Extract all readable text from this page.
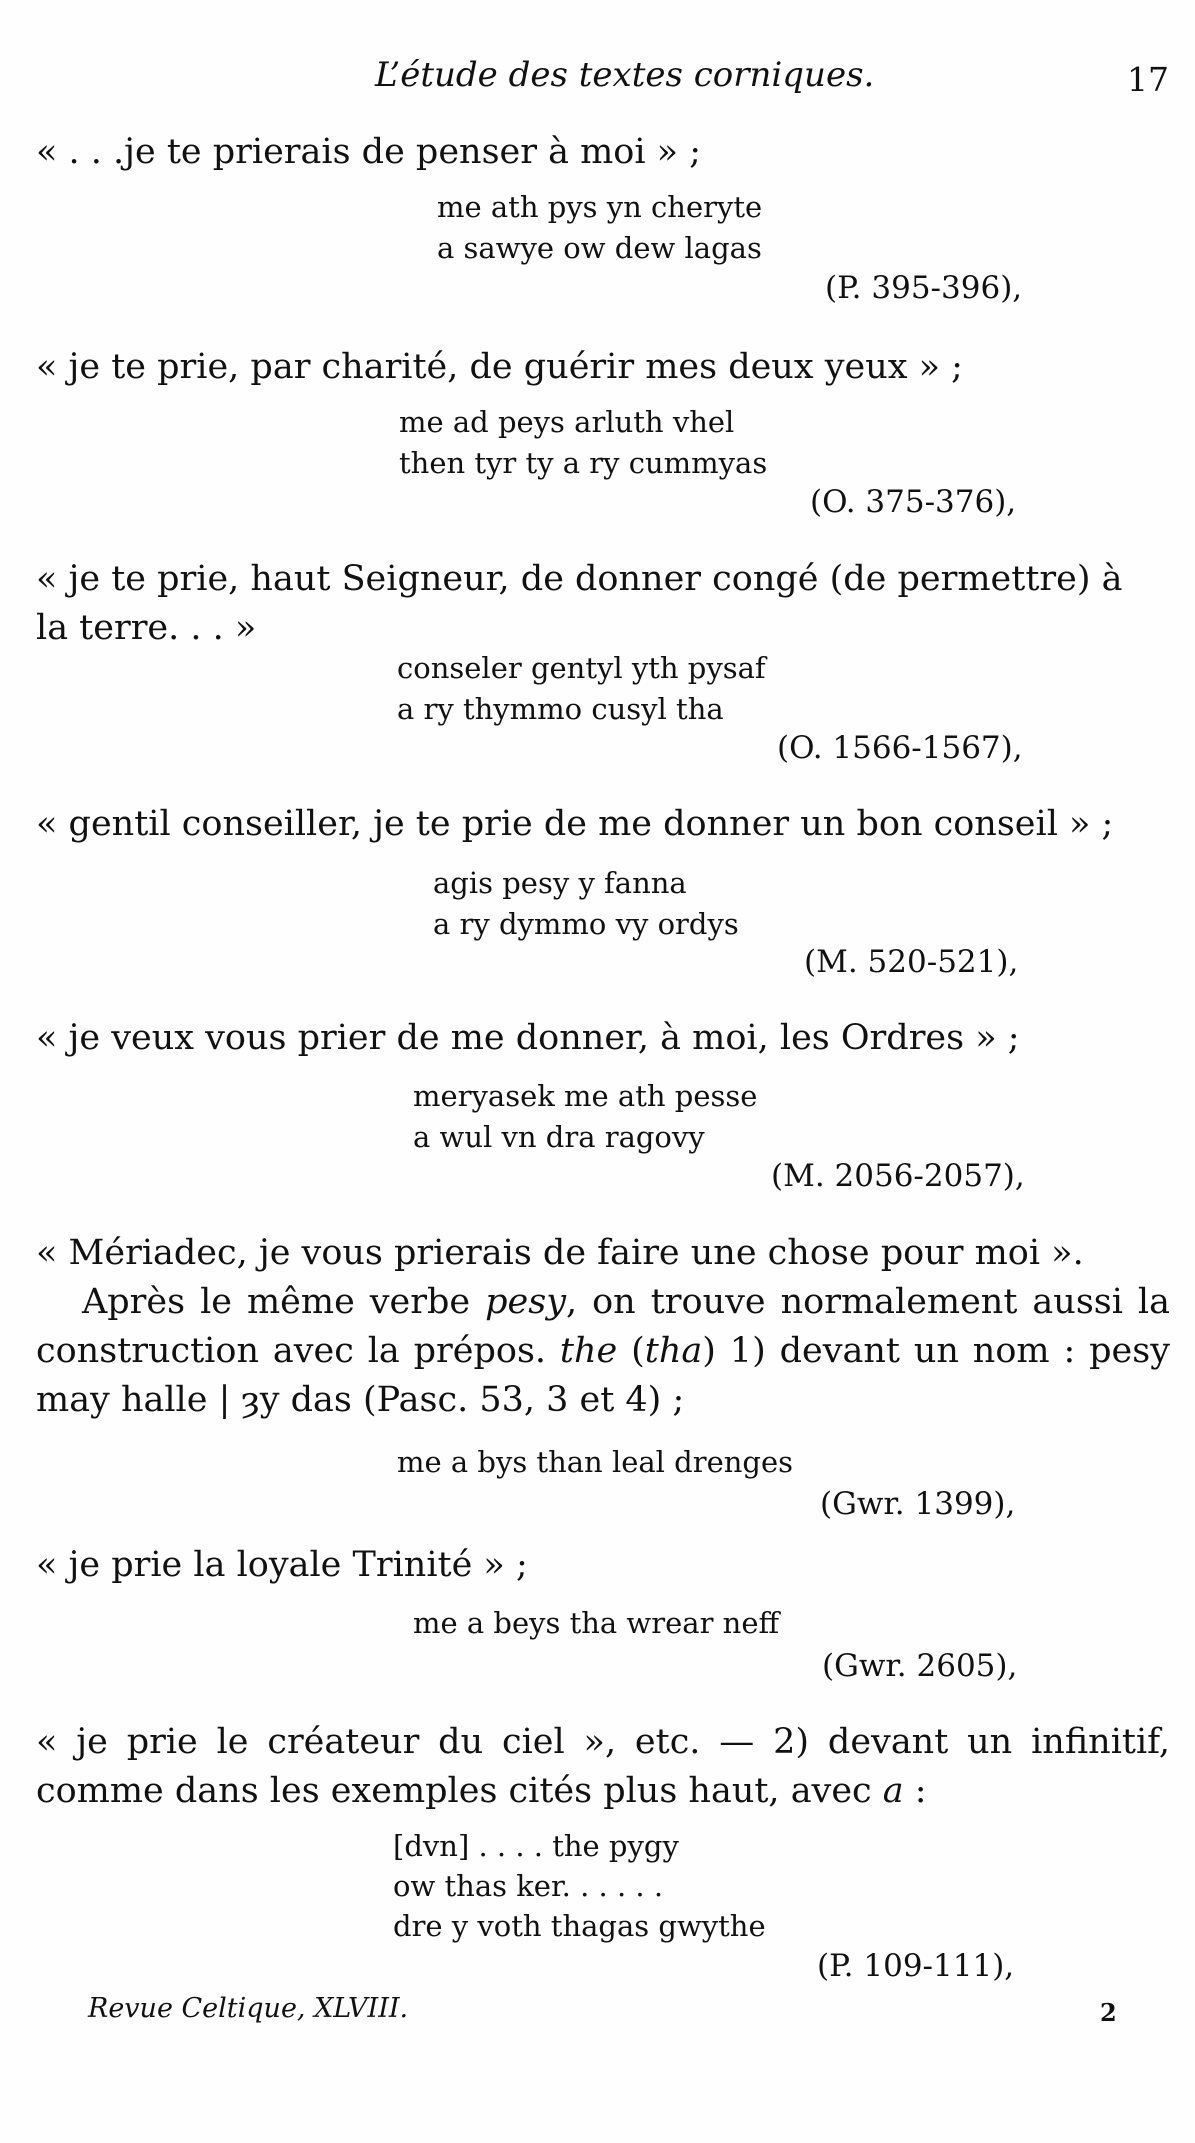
L’étude des textes corniques.	17
« . . .je te prierais de penser à moi » ;
me ath pys yn cheryte
a sawye ow dew lagas
(P. 395-396),
« je te prie, par charité, de guérir mes deux yeux » ;
me ad peys arluth vhel
then tyr ty a ry cummyas
(O. 375-376),
« je te prie, haut Seigneur, de donner congé (de permettre) à
la terre. . . »
conseler gentyl yth pysaf
a ry thymmo cusyl tha
(O. 1566-1567),
« gentil conseiller, je te prie de me donner un bon conseil » ;
agis pesy y fanna
a ry dymmo vy ordys
(M. 520-521),
« je veux vous prier de me donner, à moi, les Ordres » ;
meryasek me ath pesse
a wul vn dra ragovy
(M. 2056-2057),
« Mériadec, je vous prierais de faire une chose pour moi ».
Après le même verbe pesy, on trouve normalement aussi la construction avec la prépos. the (tha) 1) devant un nom : pesy may halle | ȝy das (Pasc. 53, 3 et 4) ;
me a bys than leal drenges
(Gwr. 1399),
« je prie la loyale Trinité » ;
me a beys tha wrear neff
(Gwr. 2605),
« je prie le créateur du ciel », etc. — 2) devant un infinitif, comme dans les exemples cités plus haut, avec a :
[dvn] . . . . the pygy
ow thas ker. . . . . .
dre y voth thagas gwythe
(P. 109-111),
Revue Celtique, XLVIII.	2
